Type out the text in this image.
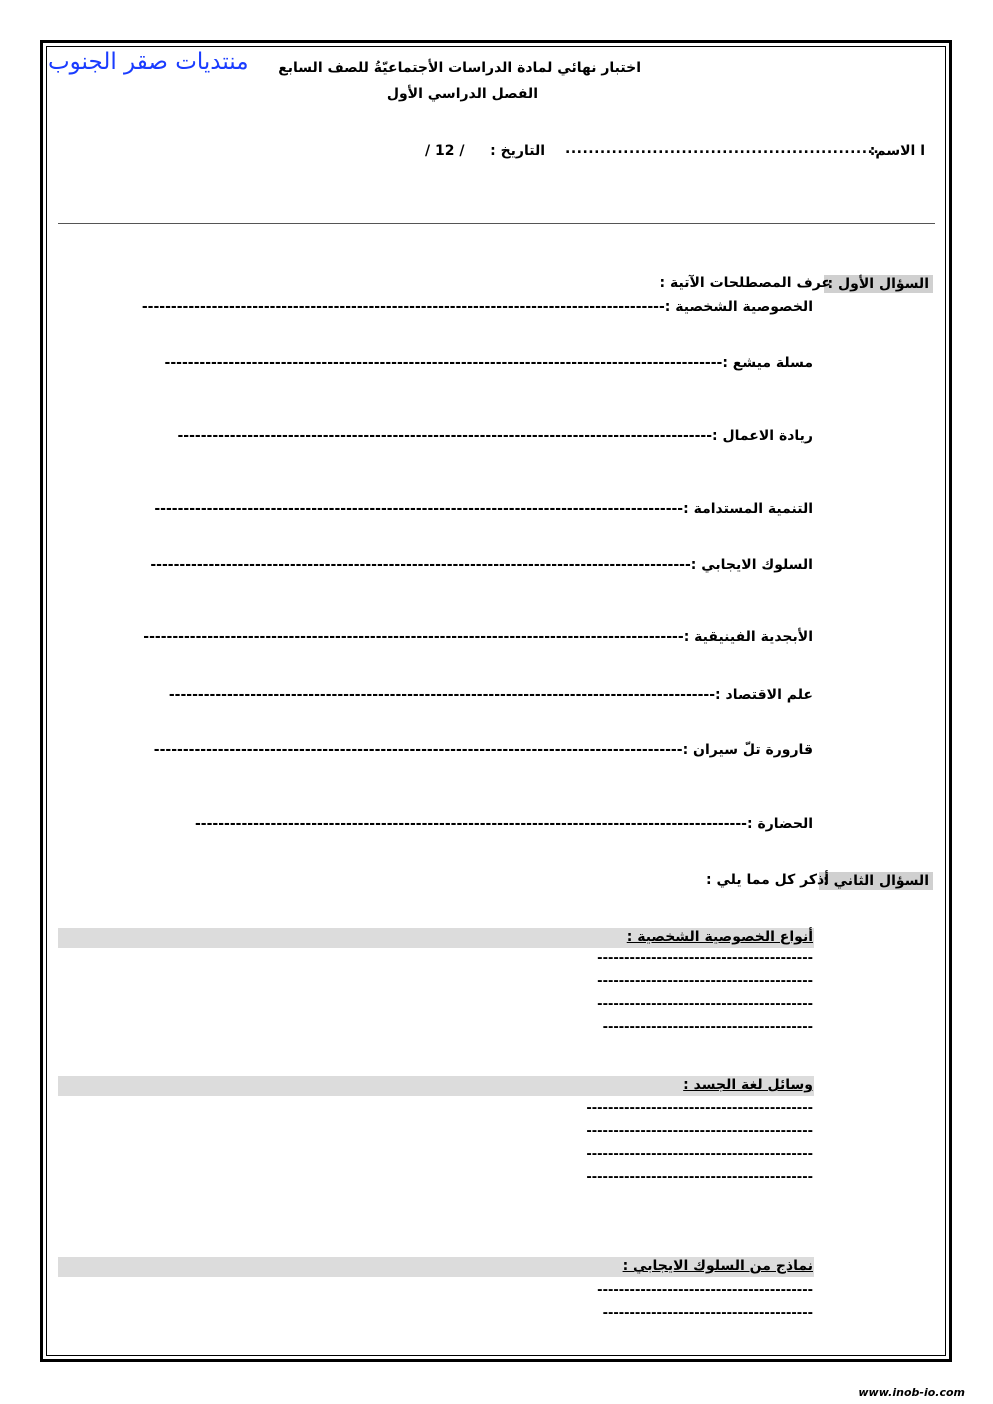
منتديات صقر الجنوب اختبار نهائي لمادة الدراسات الأجتماعيّةُ للصف السابع
الفصل الدراسي الأول
ا الاسم:
......................................................
التاريخ :
/ 12 /
السؤال الأول :
عرف المصطلحات الآتية :
الخصوصية الشخصية :
------------------------------------------------------------------------------------------
مسلة ميشع :
------------------------------------------------------------------------------------------------
ريادة الاعمال :
--------------------------------------------------------------------------------------------
التنمية المستدامة :
-------------------------------------------------------------------------------------------
السلوك الايجابي :
---------------------------------------------------------------------------------------------
الأبجدية الفينيقية :
---------------------------------------------------------------------------------------------
علم الاقتصاد :
----------------------------------------------------------------------------------------------
قارورة تلّ سيران :
-------------------------------------------------------------------------------------------
الحضارة :
-----------------------------------------------------------------------------------------------
السؤال الثاني :
أذكر كل مما يلي :
أنواع الخصوصية الشخصية :
----------------------------------------
----------------------------------------
----------------------------------------
---------------------------------------
وسائل لغة الجسد :
------------------------------------------
------------------------------------------
------------------------------------------
------------------------------------------
نماذج من السلوك الايجابي :
----------------------------------------
---------------------------------------
www.inob-io.com
